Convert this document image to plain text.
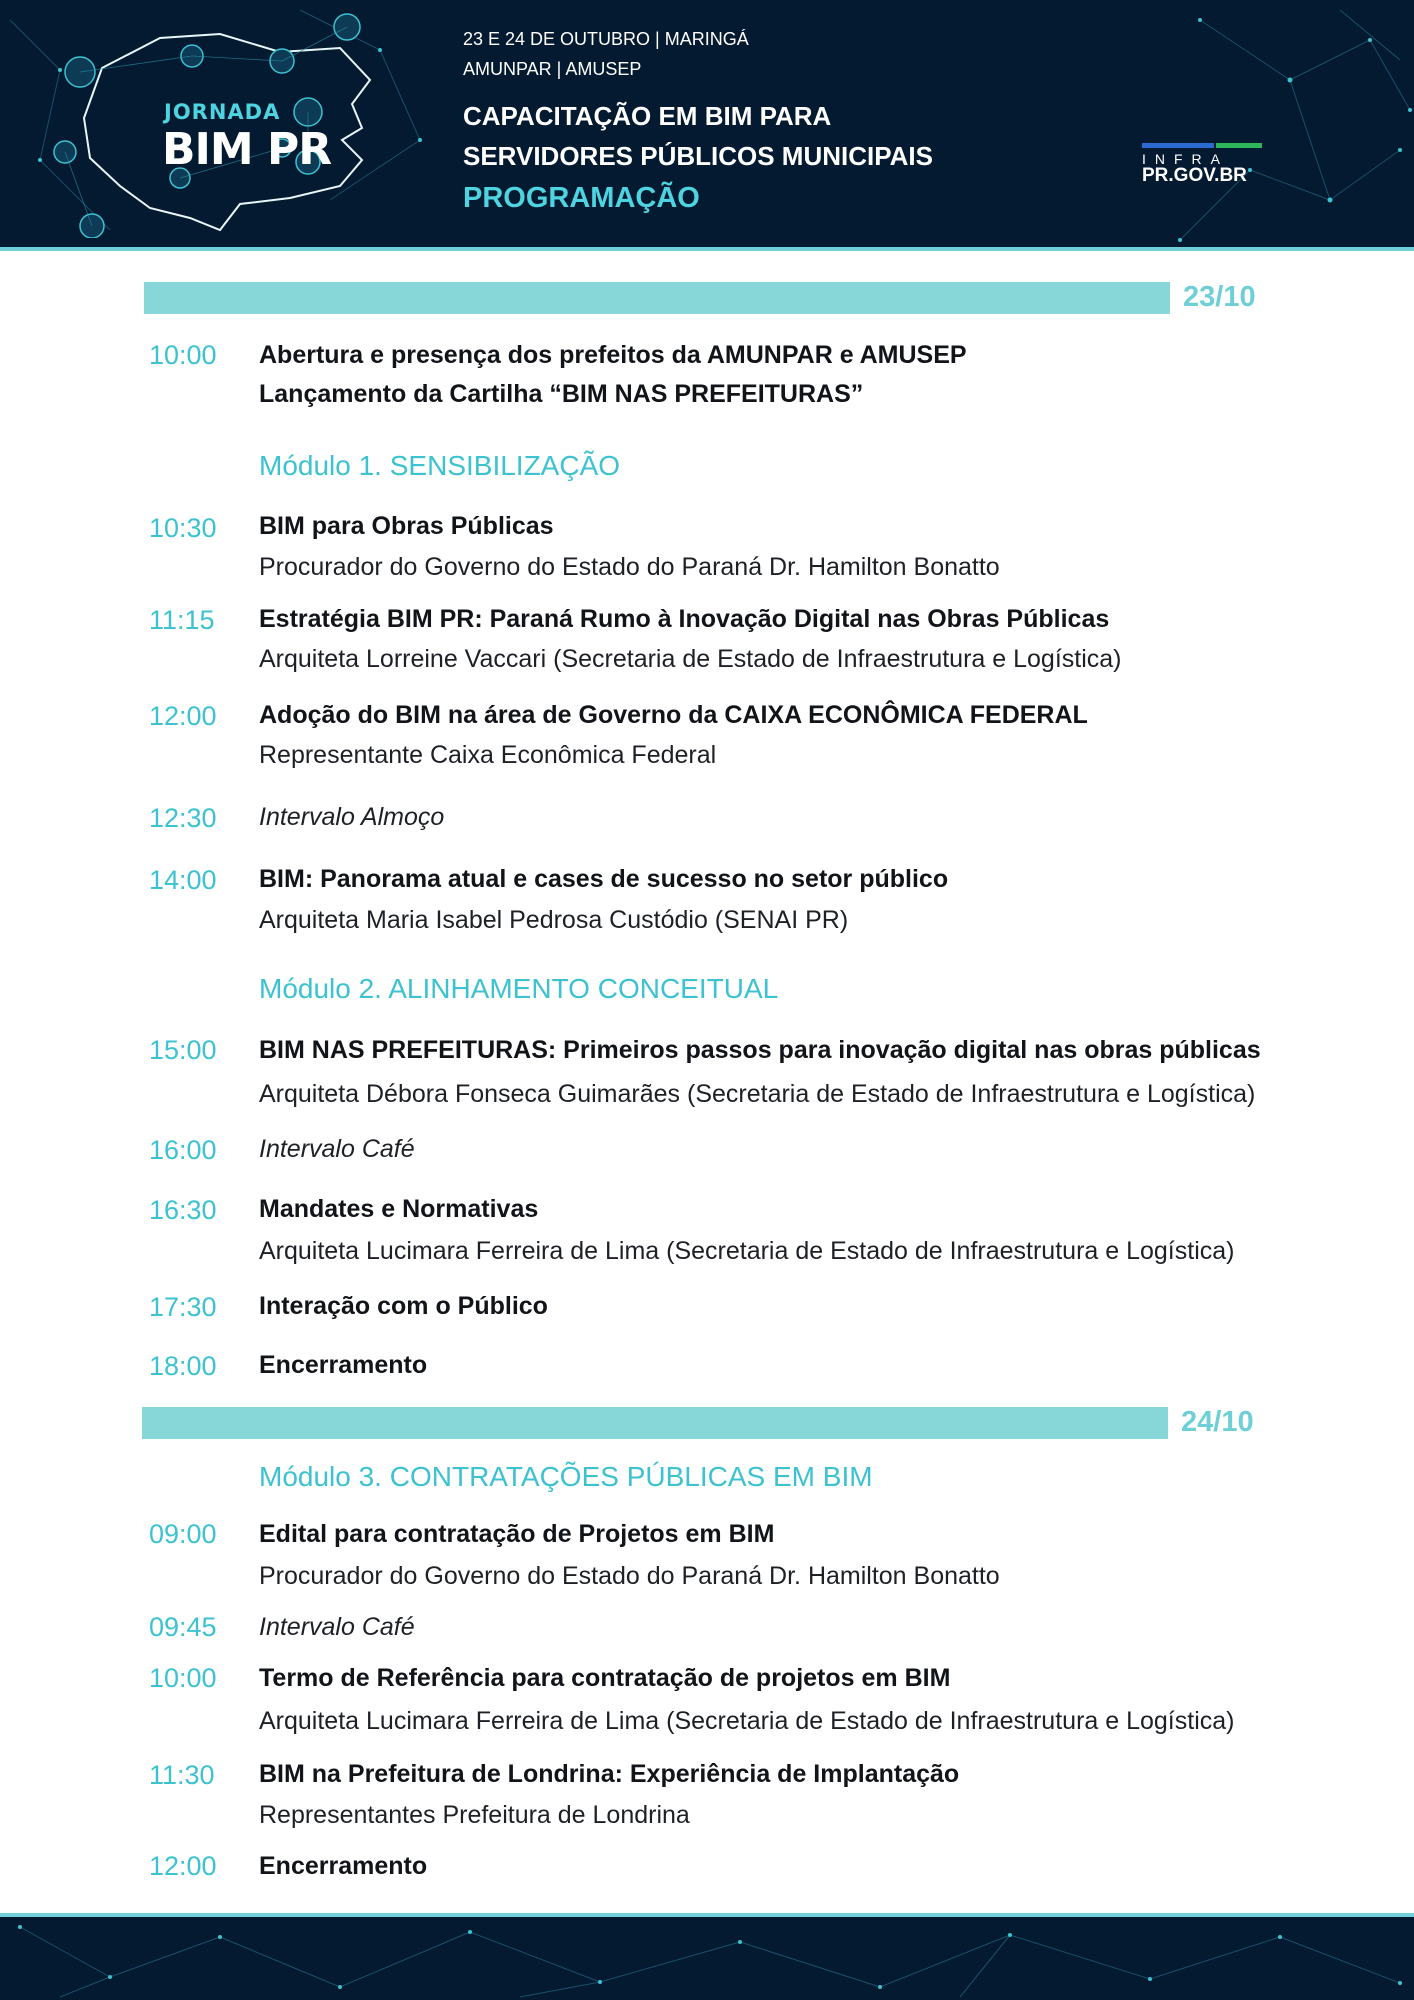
JORNADA
BIM PR
23 E 24 DE OUTUBRO | MARINGÁ
AMUNPAR | AMUSEP
CAPACITAÇÃO EM BIM PARA
SERVIDORES PÚBLICOS MUNICIPAIS
PROGRAMAÇÃO
INFRA
PR.GOV.BR
23/10
10:00 Abertura e presença dos prefeitos da AMUNPAR e AMUSEP
Lançamento da Cartilha “BIM NAS PREFEITURAS”
Módulo 1. SENSIBILIZAÇÃO
10:30 BIM para Obras Públicas
Procurador do Governo do Estado do Paraná Dr. Hamilton Bonatto
11:15 Estratégia BIM PR: Paraná Rumo à Inovação Digital nas Obras Públicas
Arquiteta Lorreine Vaccari (Secretaria de Estado de Infraestrutura e Logística)
12:00 Adoção do BIM na área de Governo da CAIXA ECONÔMICA FEDERAL
Representante Caixa Econômica Federal
12:30 Intervalo Almoço
14:00 BIM: Panorama atual e cases de sucesso no setor público
Arquiteta Maria Isabel Pedrosa Custódio (SENAI PR)
Módulo 2. ALINHAMENTO CONCEITUAL
15:00 BIM NAS PREFEITURAS: Primeiros passos para inovação digital nas obras públicas
Arquiteta Débora Fonseca Guimarães (Secretaria de Estado de Infraestrutura e Logística)
16:00 Intervalo Café
16:30 Mandates e Normativas
Arquiteta Lucimara Ferreira de Lima (Secretaria de Estado de Infraestrutura e Logística)
17:30 Interação com o Público
18:00 Encerramento
24/10
Módulo 3. CONTRATAÇÕES PÚBLICAS EM BIM
09:00 Edital para contratação de Projetos em BIM
Procurador do Governo do Estado do Paraná Dr. Hamilton Bonatto
09:45 Intervalo Café
10:00 Termo de Referência para contratação de projetos em BIM
Arquiteta Lucimara Ferreira de Lima (Secretaria de Estado de Infraestrutura e Logística)
11:30 BIM na Prefeitura de Londrina: Experiência de Implantação
Representantes Prefeitura de Londrina
12:00 Encerramento
